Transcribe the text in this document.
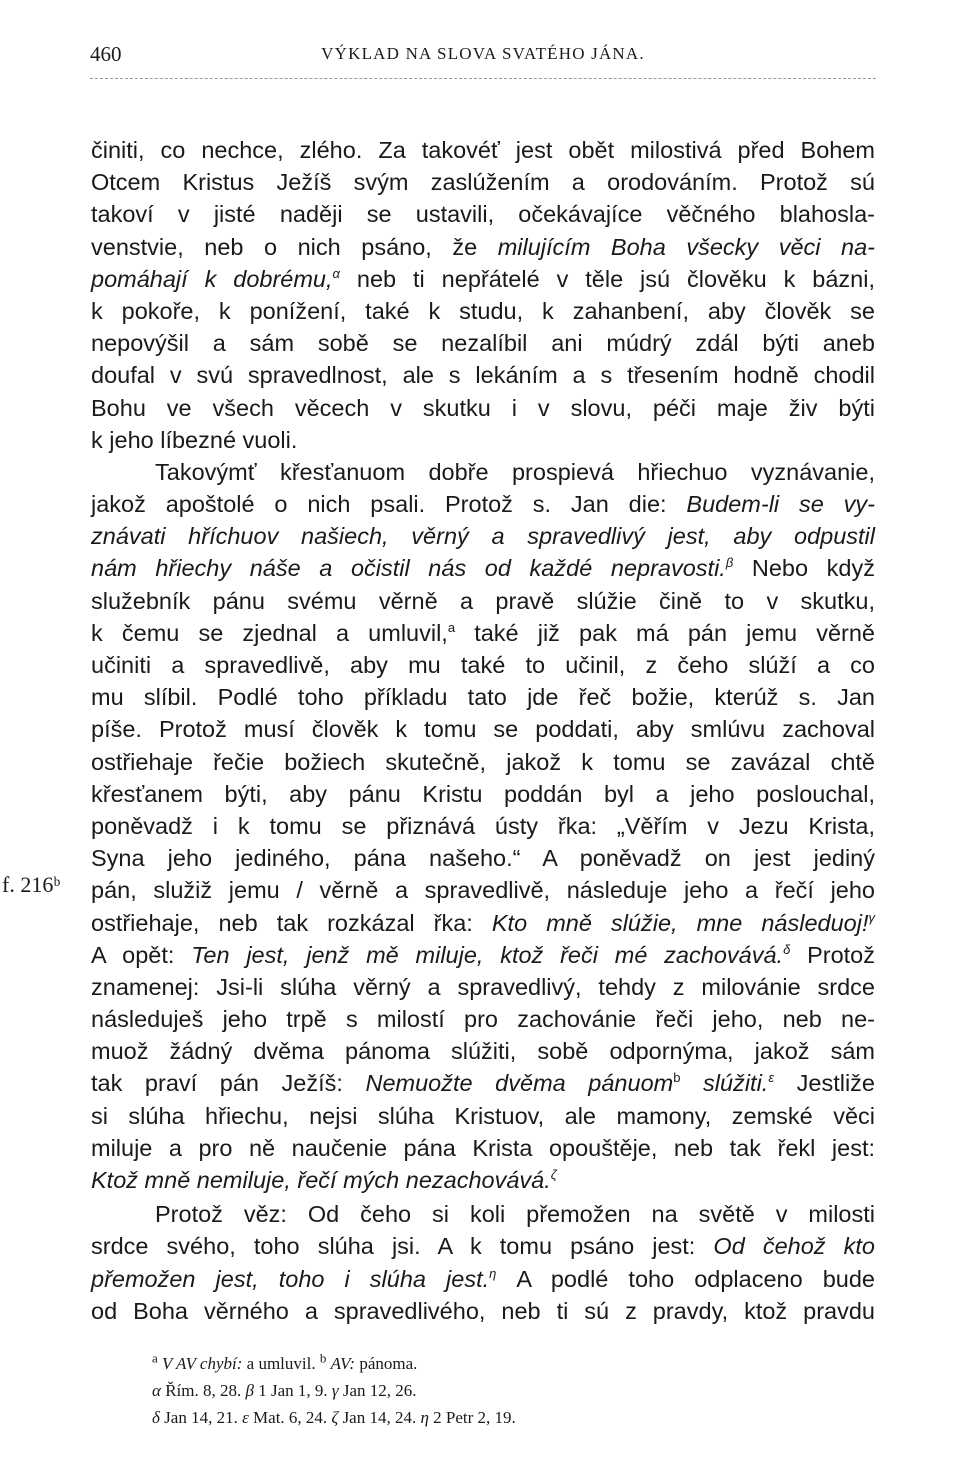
460	VÝKLAD NA SLOVA SVATÉHO JÁNA.
f. 216ᵇ
činiti, co nechce, zlého. Za takovéť jest obět milostivá před Bohem
Otcem Kristus Ježíš svým zaslúžením a orodováním. Protož sú
takoví v jisté naději se ustavili, očekávajíce věčného blahosla-
venstvie, neb o nich psáno, že milujícím Boha všecky věci na-
pomáhají k dobrému,$^\alpha$ neb ti nepřátelé v těle jsú člověku k bázni,
k pokoře, k ponížení, také k studu, k zahanbení, aby člověk se
nepovýšil a sám sobě se nezalíbil ani múdrý zdál býti aneb
doufal v svú spravedlnost, ale s lekáním a s třesením hodně chodil
Bohu ve všech věcech v skutku i v slovu, péči maje živ býti
k jeho líbezné vuoli.
Takovýmť křesťanuom dobře prospievá hřiechuo vyznávanie,
jakož apoštolé o nich psali. Protož s. Jan die: Budem-li se vy-
znávati hříchuov našiech, věrný a spravedlivý jest, aby odpustil
nám hřiechy náše a očistil nás od každé nepravosti.$^\beta$ Nebo když
služebník pánu svému věrně a pravě slúžie čině to v skutku,
k čemu se zjednal a umluvil,$^a$ také již pak má pán jemu věrně
učiniti a spravedlivě, aby mu také to učinil, z čeho slúží a co
mu slíbil. Podlé toho příkladu tato jde řeč božie, kterúž s. Jan
píše. Protož musí člověk k tomu se poddati, aby smlúvu zachoval
ostřiehaje řečie božiech skutečně, jakož k tomu se zavázal chtě
křesťanem býti, aby pánu Kristu poddán byl a jeho poslouchal,
poněvadž i k tomu se přiznává ústy řka: „Věřím v Jezu Krista,
Syna jeho jediného, pána našeho.“ A poněvadž on jest jediný
pán, služiž jemu / věrně a spravedlivě, následuje jeho a řečí jeho
ostřiehaje, neb tak rozkázal řka: Kto mně slúžie, mne následuoj!$^\gamma$
A opět: Ten jest, jenž mě miluje, ktož řeči mé zachovává.$^\delta$ Protož
znamenej: Jsi-li slúha věrný a spravedlivý, tehdy z milovánie srdce
následuješ jeho trpě s milostí pro zachovánie řeči jeho, neb ne-
muož žádný dvěma pánoma slúžiti, sobě odpornýma, jakož sám
tak praví pán Ježíš: Nemuožte dvěma pánuom$^b$ slúžiti.$^\varepsilon$ Jestliže
si slúha hřiechu, nejsi slúha Kristuov, ale mamony, zemské věci
miluje a pro ně naučenie pána Krista opouštěje, neb tak řekl jest:
Ktož mně nemiluje, řečí mých nezachovává.$^\zeta$
Protož věz: Od čeho si koli přemožen na světě v milosti
srdce svého, toho slúha jsi. A k tomu psáno jest: Od čehož kto
přemožen jest, toho i slúha jest.$^\eta$ A podlé toho odplaceno bude
od Boha věrného a spravedlivého, neb ti sú z pravdy, ktož pravdu
$^a$ V AV chybí: a umluvil. $^b$ AV: pánoma.
α Řím. 8, 28. β 1 Jan 1, 9. γ Jan 12, 26.
δ Jan 14, 21. ε Mat. 6, 24. ζ Jan 14, 24. η 2 Petr 2, 19.
